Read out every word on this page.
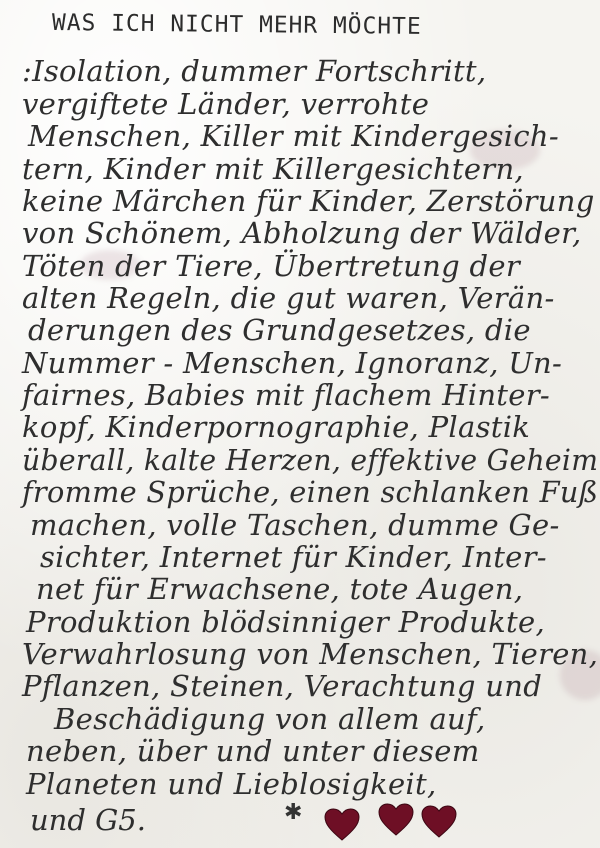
WAS ICH NICHT MEHR MÖCHTE
:Isolation, dummer Fortschritt,
vergiftete Länder, verrohte
Menschen, Killer mit Kindergesich-
tern, Kinder mit Killergesichtern,
keine Märchen für Kinder, Zerstörung
von Schönem, Abholzung der Wälder,
Töten der Tiere, Übertretung der
alten Regeln, die gut waren, Verän-
derungen des Grundgesetzes, die
Nummer - Menschen, Ignoranz, Un-
fairnes, Babies mit flachem Hinter-
kopf, Kinderpornographie, Plastik
überall, kalte Herzen, effektive Geheim
fromme Sprüche, einen schlanken Fuß
machen, volle Taschen, dumme Ge-
sichter, Internet für Kinder, Inter-
net für Erwachsene, tote Augen,
Produktion blödsinniger Produkte,
Verwahrlosung von Menschen, Tieren,
Pflanzen, Steinen, Verachtung und
Beschädigung von allem auf,
neben, über und unter diesem
Planeten und Lieblosigkeit,
und G5.	✱
